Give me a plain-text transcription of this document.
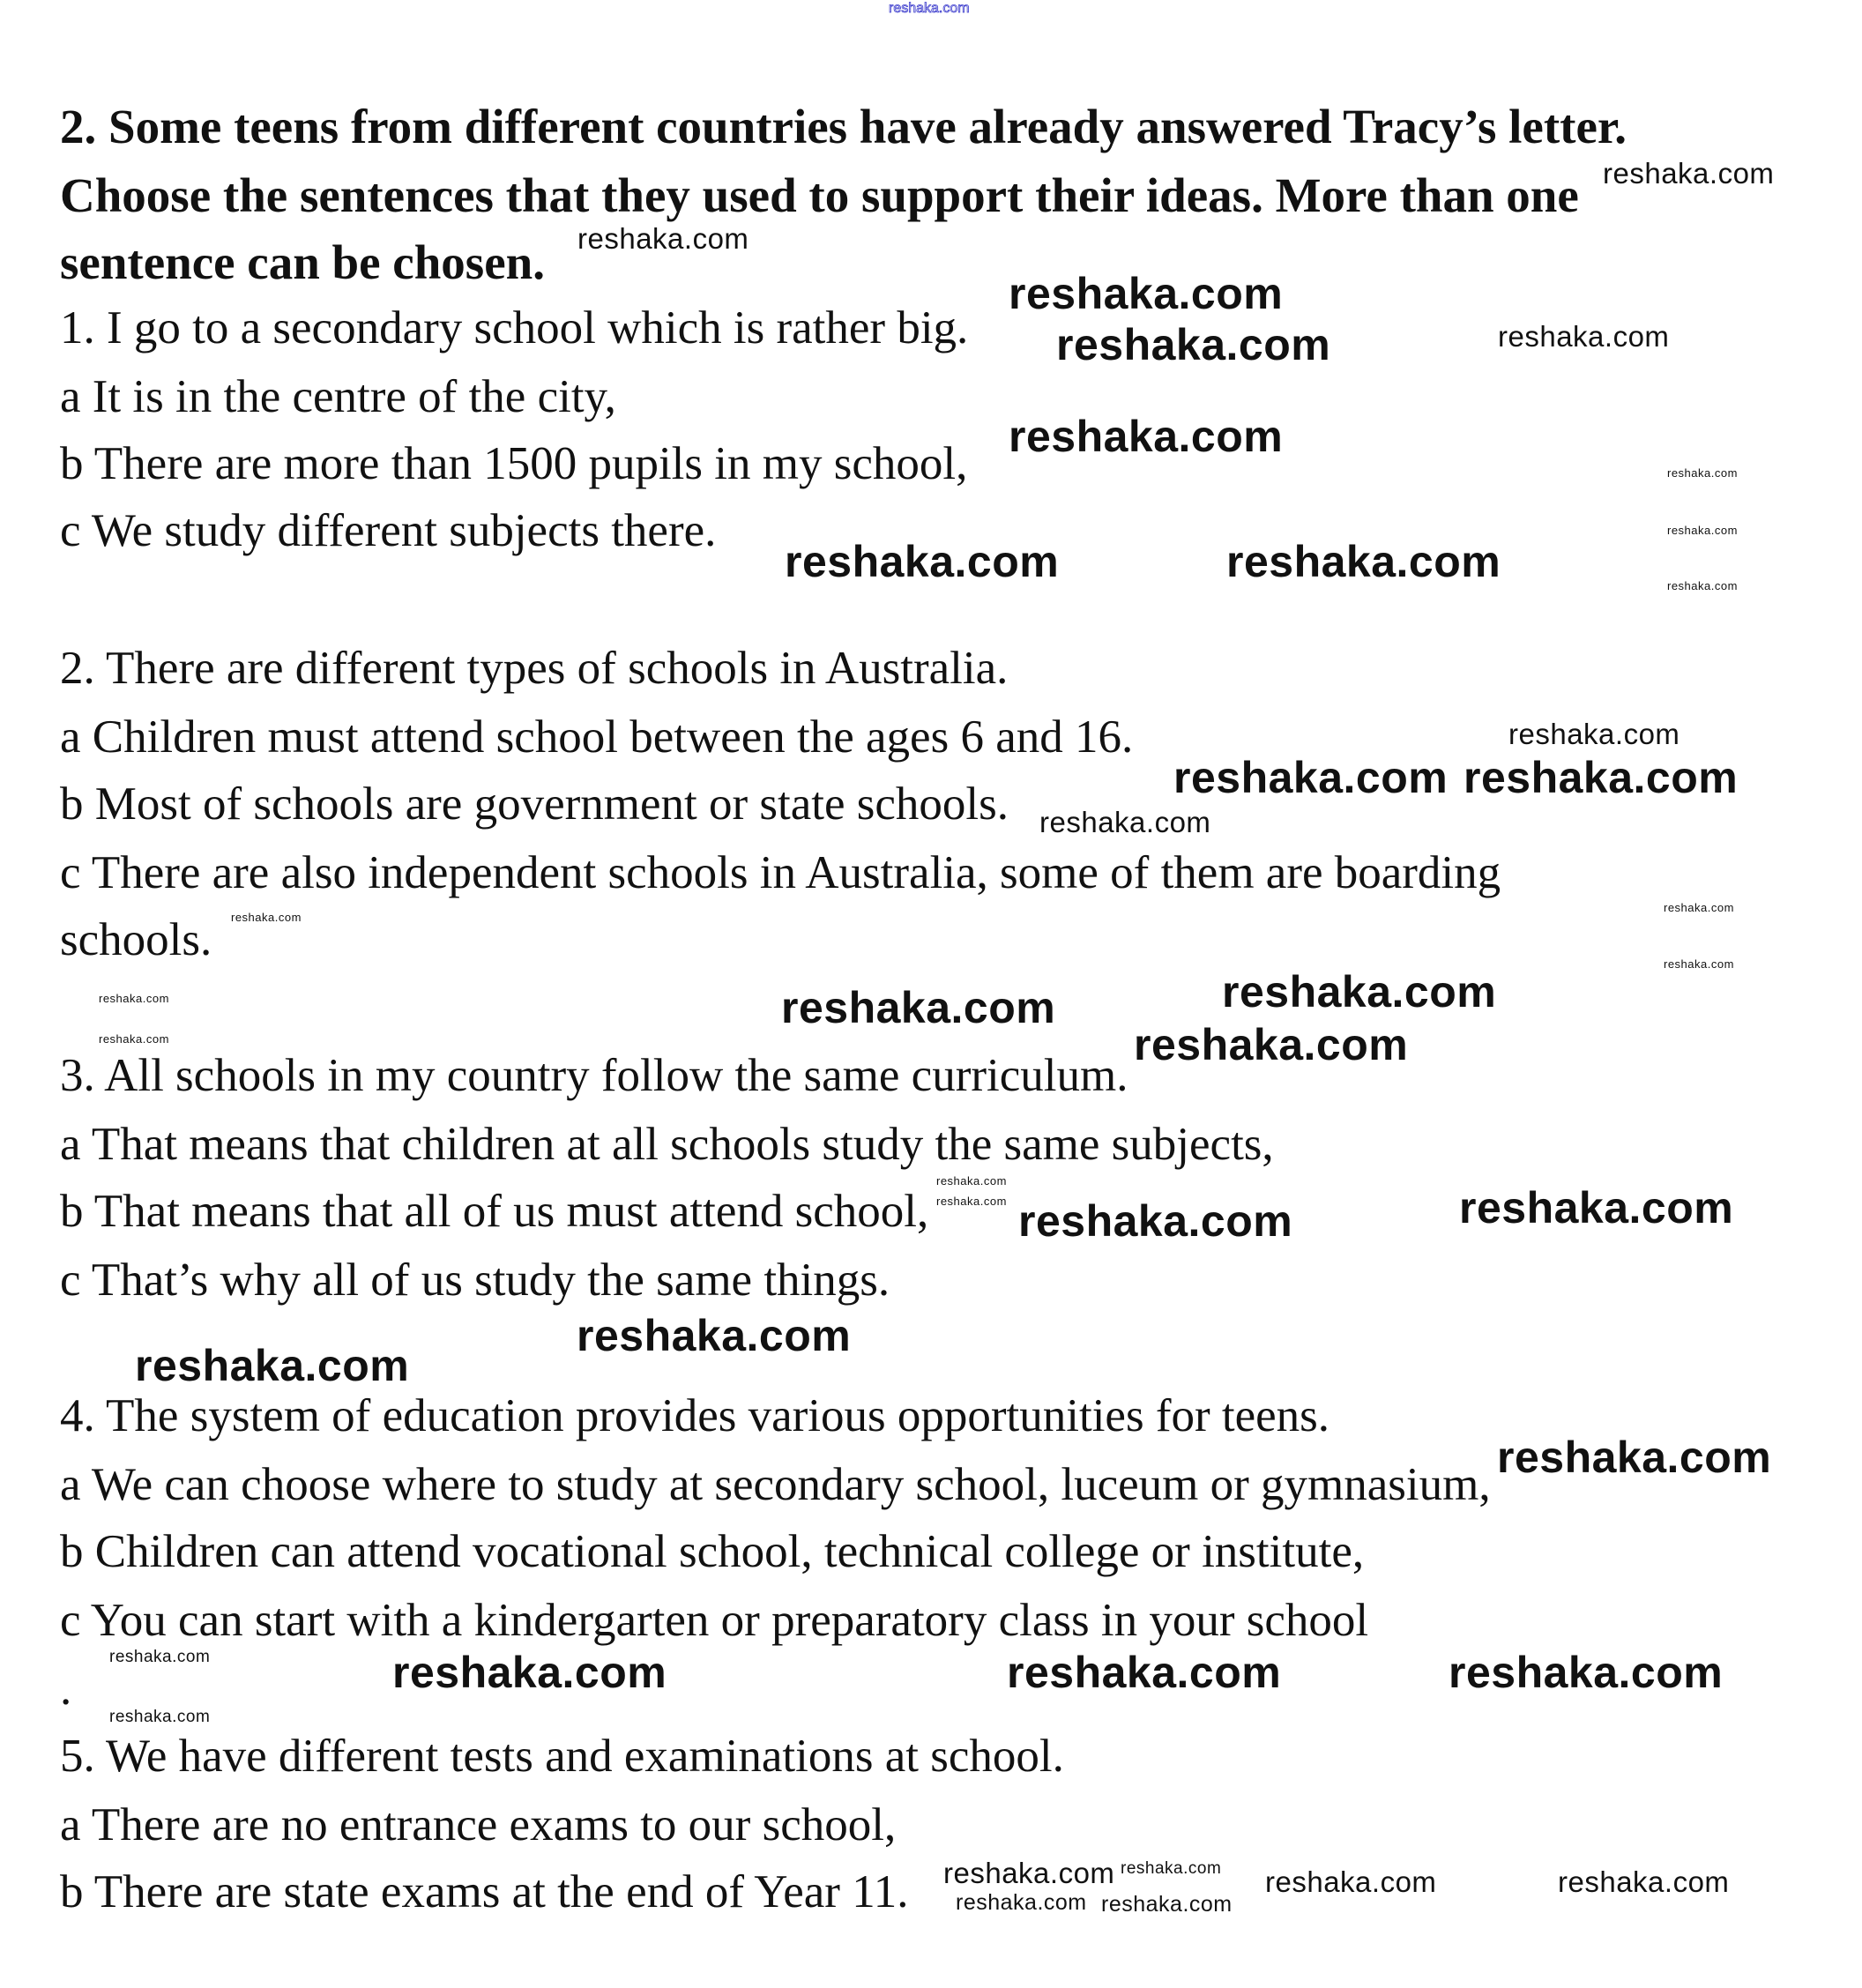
reshaka.com
2. Some teens from different countries have already answered Tracy’s letter.
Choose the sentences that they used to support their ideas. More than one
sentence can be chosen.
1. I go to a secondary school which is rather big.
a It is in the centre of the city,
b There are more than 1500 pupils in my school,
c We study different subjects there.
2. There are different types of schools in Australia.
a Children must attend school between the ages 6 and 16.
b Most of schools are government or state schools.
c There are also independent schools in Australia, some of them are boarding
schools.
3. All schools in my country follow the same curriculum.
a That means that children at all schools study the same subjects,
b That means that all of us must attend school,
c That’s why all of us study the same things.
4. The system of education provides various opportunities for teens.
a We can choose where to study at secondary school, luceum or gymnasium,
b Children can attend vocational school, technical college or institute,
c You can start with a kindergarten or preparatory class in your school
.
5. We have different tests and examinations at school.
a There are no entrance exams to our school,
b There are state exams at the end of Year 11.
reshaka.com
reshaka.com
reshaka.com	reshaka.com
reshaka.com reshaka.com
reshaka.com	reshaka.com
reshaka.com
reshaka.com	reshaka.com
reshaka.com
reshaka.com
reshaka.com
reshaka.com	reshaka.com	reshaka.com
reshaka.com
reshaka.com
reshaka.com
reshaka.com
reshaka.com
reshaka.com
reshaka.com	reshaka.com
reshaka.com
reshaka.com
reshaka.com
reshaka.com reshaka.com
reshaka.com
reshaka.com
reshaka.com
reshaka.com
reshaka.com
reshaka.com
reshaka.com
reshaka.com
reshaka.com
reshaka.com
reshaka.com
